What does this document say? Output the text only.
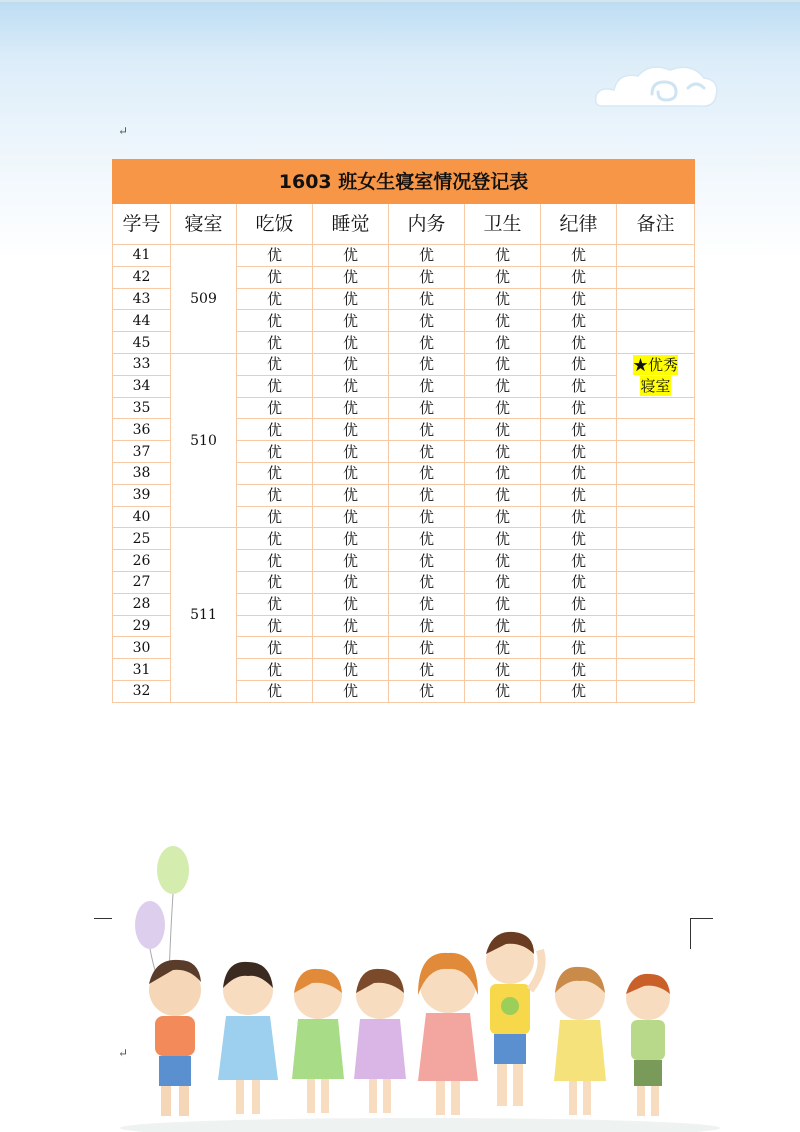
↵
↵
1603 班女生寝室情况登记表							
学号	寝室	吃饭	睡觉	内务	卫生	纪律	备注
41	509	优	优	优	优	优	
42		优	优	优	优	优	
43		优	优	优	优	优	
44		优	优	优	优	优	
45		优	优	优	优	优	
33	510	优	优	优	优	优	★优秀
34		优	优	优	优	优	寝室
35		优	优	优	优	优	
36		优	优	优	优	优	
37		优	优	优	优	优	
38		优	优	优	优	优	
39		优	优	优	优	优	
40		优	优	优	优	优	
25	511	优	优	优	优	优	
26		优	优	优	优	优	
27		优	优	优	优	优	
28		优	优	优	优	优	
29		优	优	优	优	优	
30		优	优	优	优	优	
31		优	优	优	优	优	
32		优	优	优	优	优	
